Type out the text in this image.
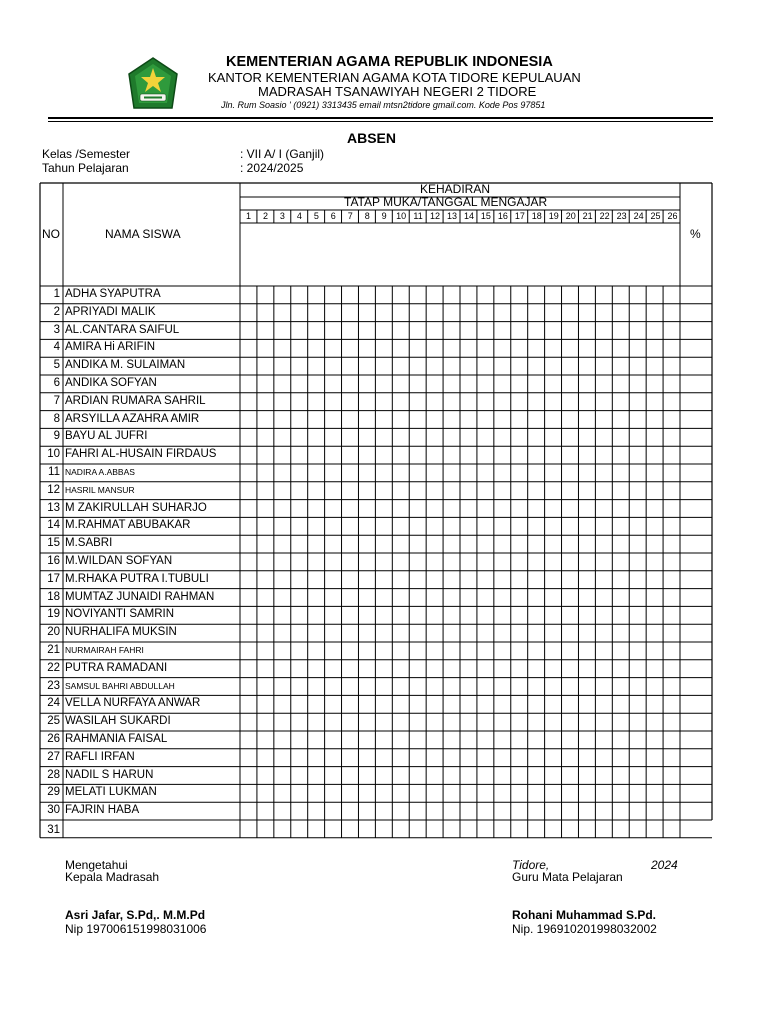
KEMENTERIAN AGAMA REPUBLIK INDONESIA
KANTOR KEMENTERIAN AGAMA KOTA TIDORE KEPULAUAN
MADRASAH TSANAWIYAH NEGERI 2 TIDORE
Jln. Rum Soasio ' (0921) 3313435 email mtsn2tidore gmail.com. Kode Pos 97851
ABSEN
Kelas /Semester	: VII A/ I (Ganjil)
Tahun Pelajaran	: 2024/2025
NO	NAMA SISWA
KEHADIRAN
TATAP MUKA/TANGGAL MENGAJAR
%
1	2	3	4	5	6	7	8	9	10 11 12 13 14 15 16 17 18 19 20 21 22 23 24 25 26
1 ADHA SYAPUTRA
2 APRIYADI MALIK
3 AL.CANTARA SAIFUL
4 AMIRA Hi ARIFIN
5 ANDIKA M. SULAIMAN
6 ANDIKA SOFYAN
7 ARDIAN RUMARA SAHRIL
8 ARSYILLA AZAHRA AMIR
9 BAYU AL JUFRI
10 FAHRI AL-HUSAIN FIRDAUS
11 NADIRA A.ABBAS
12 HASRIL MANSUR
13 M ZAKIRULLAH SUHARJO
14 M.RAHMAT ABUBAKAR
15 M.SABRI
16 M.WILDAN SOFYAN
17 M.RHAKA PUTRA I.TUBULI
18 MUMTAZ JUNAIDI RAHMAN
19 NOVIYANTI SAMRIN
20 NURHALIFA MUKSIN
21 NURMAIRAH FAHRI
22 PUTRA RAMADANI
23 SAMSUL BAHRI ABDULLAH
24 VELLA NURFAYA ANWAR
25 WASILAH SUKARDI
26 RAHMANIA FAISAL
27 RAFLI IRFAN
28 NADIL S HARUN
29 MELATI LUKMAN
30 FAJRIN HABA
31
Mengetahui
Kepala Madrasah
Asri Jafar, S.Pd,. M.M.Pd
Nip 197006151998031006
Tidore,	2024
Guru Mata Pelajaran
Rohani Muhammad S.Pd.
Nip. 196910201998032002
